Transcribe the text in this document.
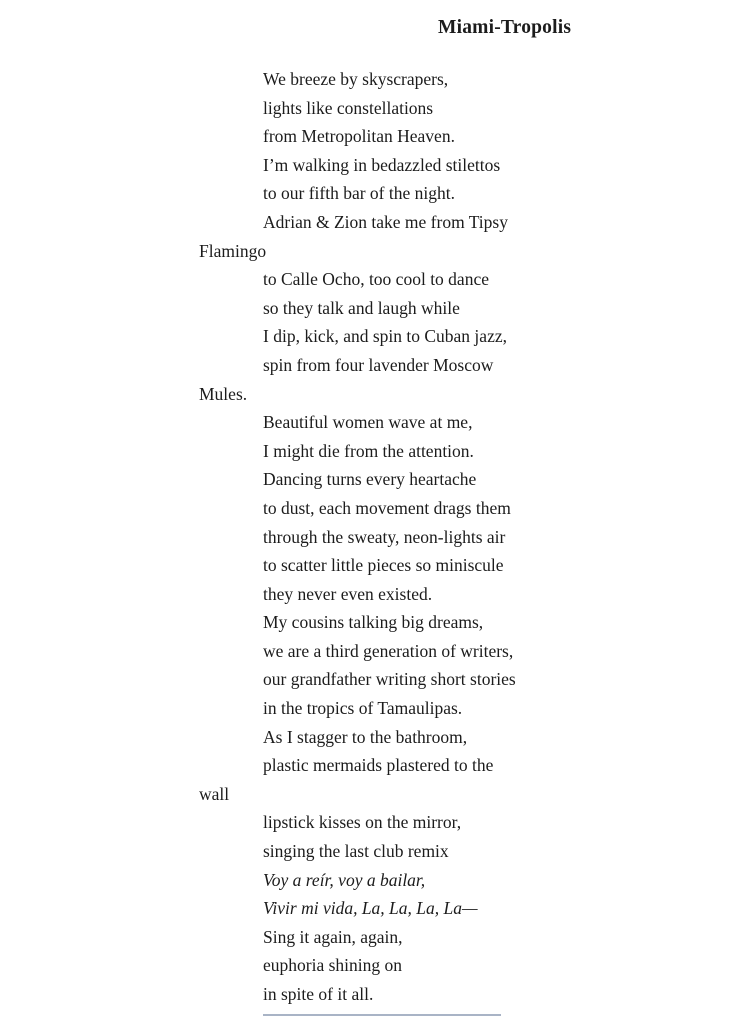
Miami-Tropolis
We breeze by skyscrapers,
lights like constellations
from Metropolitan Heaven.
I’m walking in bedazzled stilettos
to our fifth bar of the night.
Adrian & Zion take me from Tipsy
Flamingo
to Calle Ocho, too cool to dance
so they talk and laugh while
I dip, kick, and spin to Cuban jazz,
spin from four lavender Moscow
Mules.
Beautiful women wave at me,
I might die from the attention.
Dancing turns every heartache
to dust, each movement drags them
through the sweaty, neon-lights air
to scatter little pieces so miniscule
they never even existed.
My cousins talking big dreams,
we are a third generation of writers,
our grandfather writing short stories
in the tropics of Tamaulipas.
As I stagger to the bathroom,
plastic mermaids plastered to the
wall
lipstick kisses on the mirror,
singing the last club remix
Voy a reír, voy a bailar,
Vivir mi vida, La, La, La, La—
Sing it again, again,
euphoria shining on
in spite of it all.
